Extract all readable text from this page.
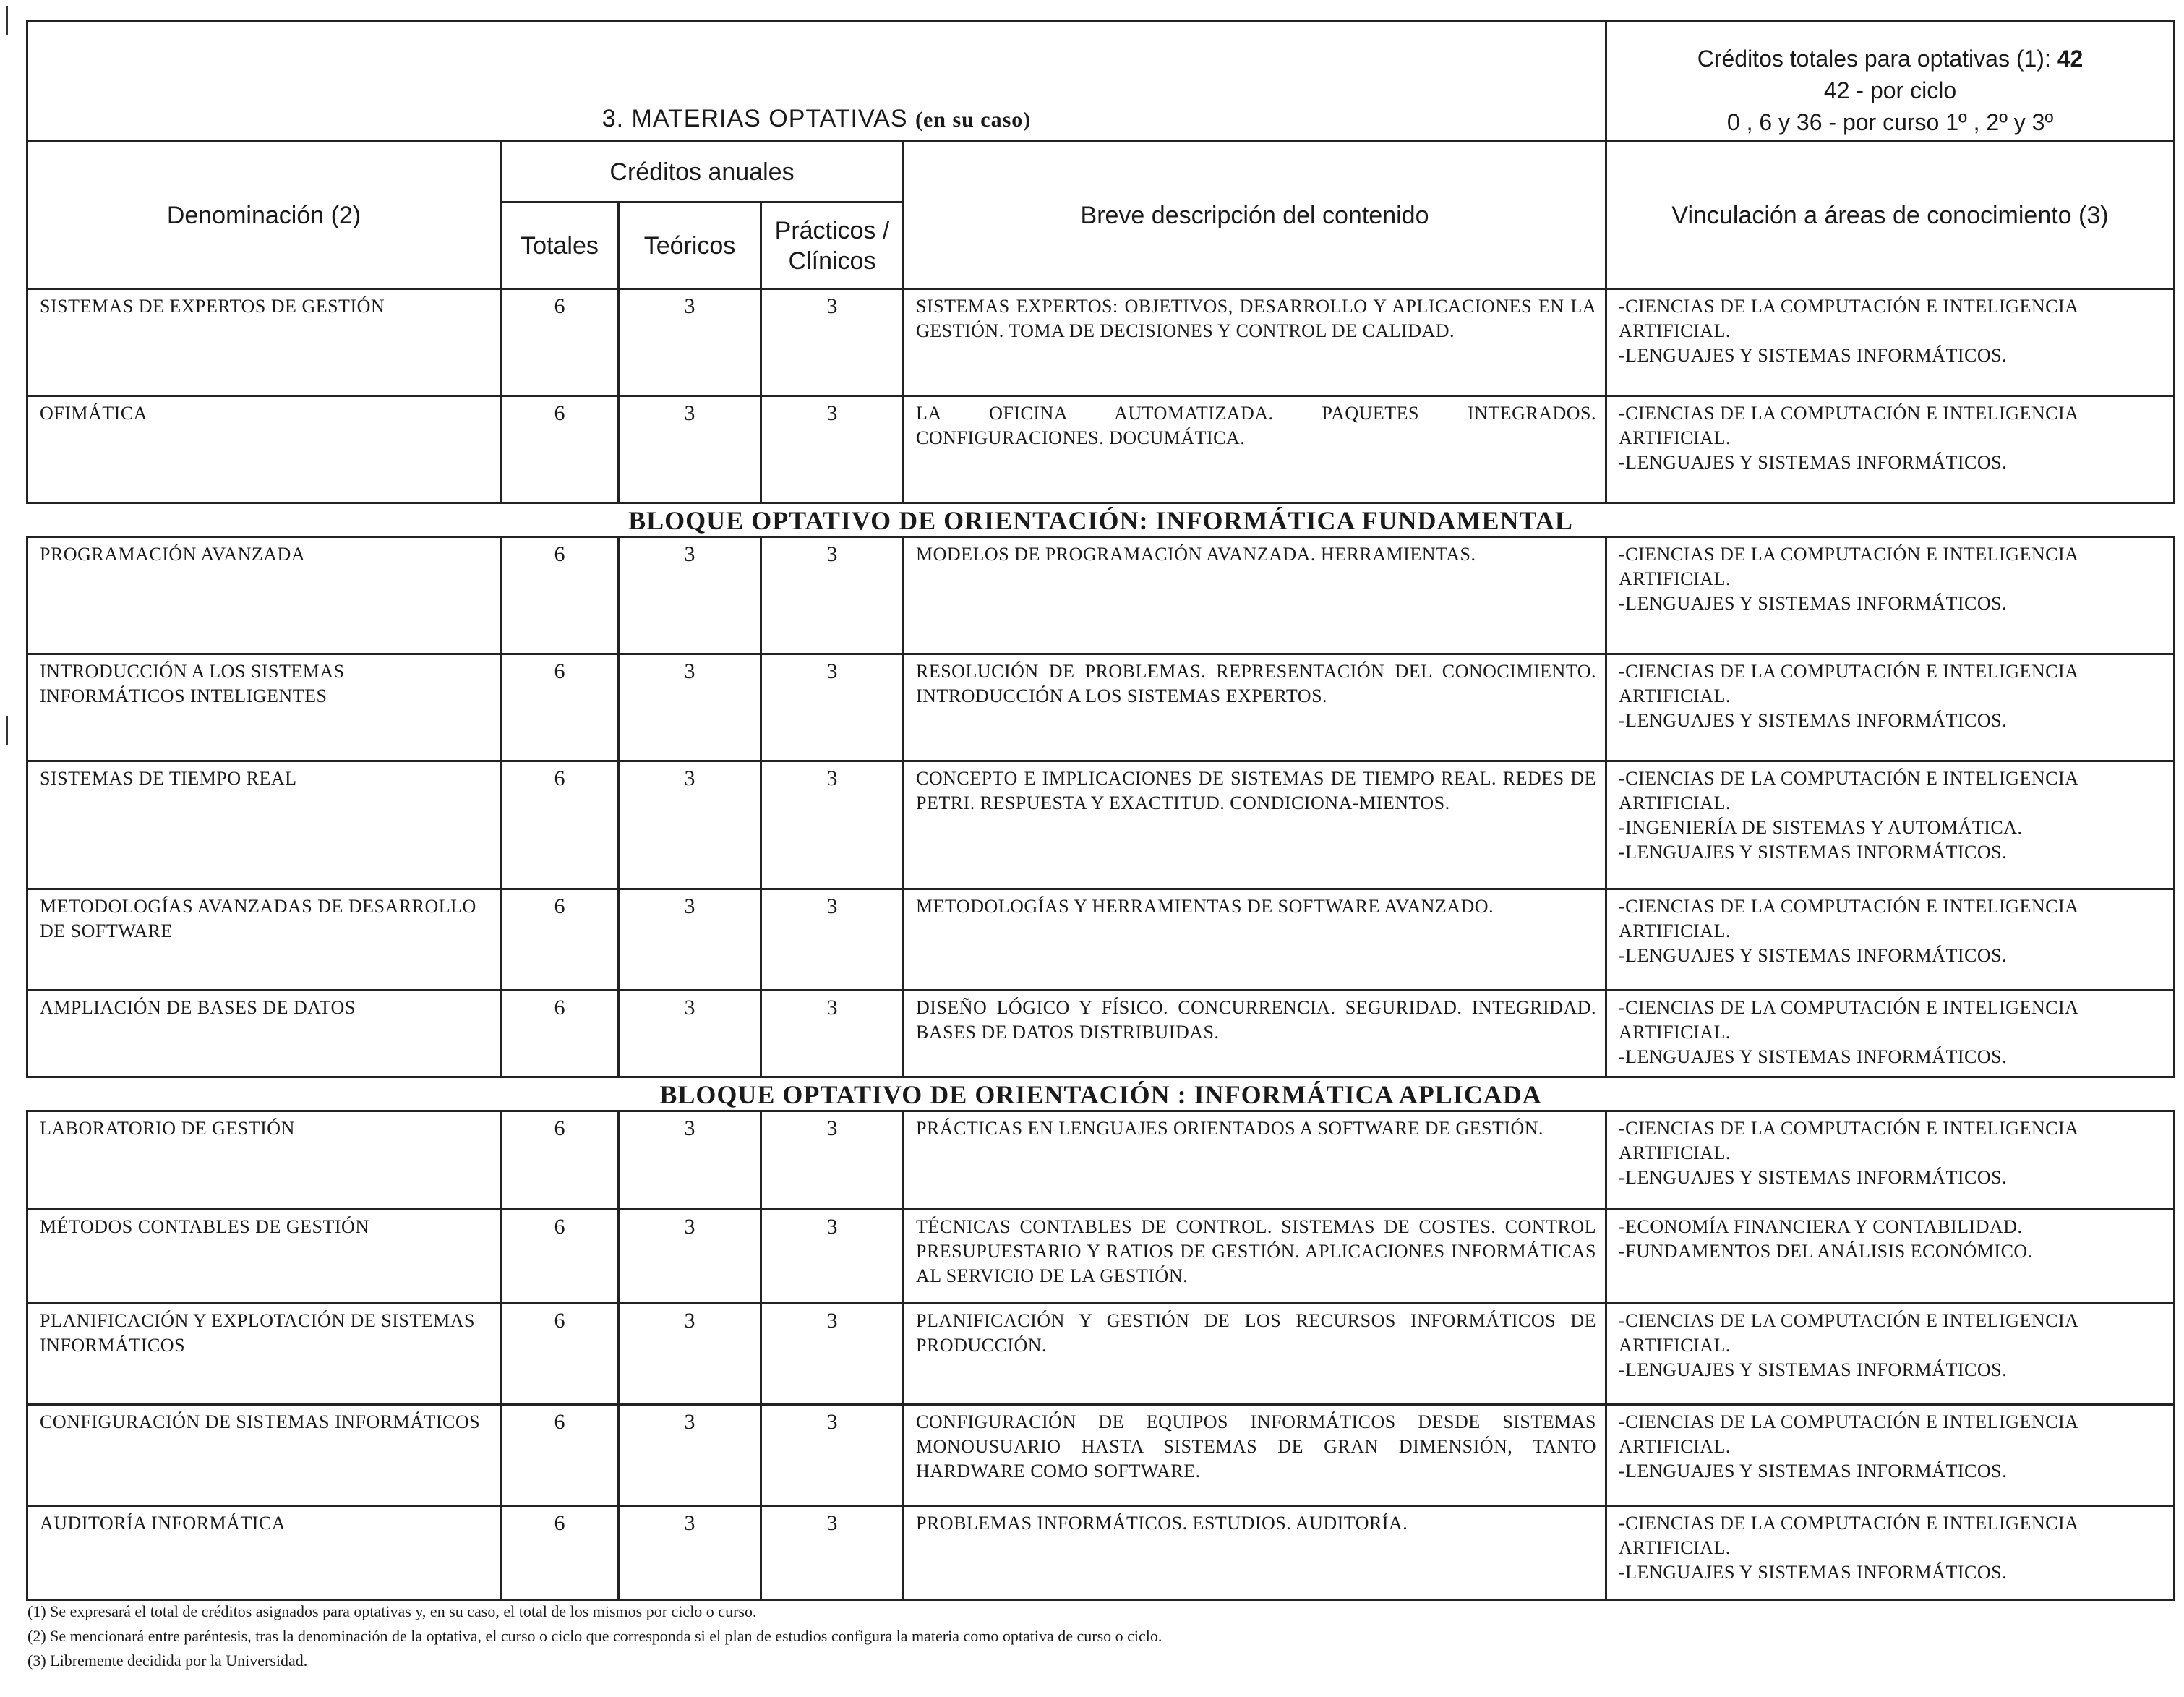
3. MATERIAS OPTATIVAS (en su caso)					Créditos totales para optativas (1): 42
42 - por ciclo
0 , 6 y 36 - por curso 1º , 2º y 3º

Denominación (2)	Créditos anuales			Breve descripción del contenido	Vinculación a áreas de conocimiento (3)
	Totales	Teóricos	Prácticos / Clínicos		
SISTEMAS DE EXPERTOS DE GESTIÓN	6	3	3	SISTEMAS EXPERTOS: OBJETIVOS, DESARROLLO Y APLICACIONES EN LA GESTIÓN. TOMA DE DECISIONES Y CONTROL DE CALIDAD.	-CIENCIAS DE LA COMPUTACIÓN E INTELIGENCIA ARTIFICIAL.
-LENGUAJES Y SISTEMAS INFORMÁTICOS.

OFIMÁTICA	6	3	3	LA OFICINA AUTOMATIZADA. PAQUETES INTEGRADOS. CONFIGURACIONES. DOCUMÁTICA.	-CIENCIAS DE LA COMPUTACIÓN E INTELIGENCIA ARTIFICIAL.
-LENGUAJES Y SISTEMAS INFORMÁTICOS.

BLOQUE OPTATIVO DE ORIENTACIÓN: INFORMÁTICA FUNDAMENTAL					
PROGRAMACIÓN AVANZADA	6	3	3	MODELOS DE PROGRAMACIÓN AVANZADA. HERRAMIENTAS.	-CIENCIAS DE LA COMPUTACIÓN E INTELIGENCIA ARTIFICIAL.
-LENGUAJES Y SISTEMAS INFORMÁTICOS.

INTRODUCCIÓN A LOS SISTEMAS INFORMÁTICOS INTELIGENTES	6	3	3	RESOLUCIÓN DE PROBLEMAS. REPRESENTACIÓN DEL CONOCIMIENTO. INTRODUCCIÓN A LOS SISTEMAS EXPERTOS.	-CIENCIAS DE LA COMPUTACIÓN E INTELIGENCIA ARTIFICIAL.
-LENGUAJES Y SISTEMAS INFORMÁTICOS.

SISTEMAS DE TIEMPO REAL	6	3	3	CONCEPTO E IMPLICACIONES DE SISTEMAS DE TIEMPO REAL. REDES DE PETRI. RESPUESTA Y EXACTITUD. CONDICIONA-MIENTOS.	-CIENCIAS DE LA COMPUTACIÓN E INTELIGENCIA ARTIFICIAL.
-INGENIERÍA DE SISTEMAS Y AUTOMÁTICA.
-LENGUAJES Y SISTEMAS INFORMÁTICOS.

METODOLOGÍAS AVANZADAS DE DESARROLLO DE SOFTWARE	6	3	3	METODOLOGÍAS Y HERRAMIENTAS DE SOFTWARE AVANZADO.	-CIENCIAS DE LA COMPUTACIÓN E INTELIGENCIA ARTIFICIAL.
-LENGUAJES Y SISTEMAS INFORMÁTICOS.

AMPLIACIÓN DE BASES DE DATOS	6	3	3	DISEÑO LÓGICO Y FÍSICO. CONCURRENCIA. SEGURIDAD. INTEGRIDAD. BASES DE DATOS DISTRIBUIDAS.	-CIENCIAS DE LA COMPUTACIÓN E INTELIGENCIA ARTIFICIAL.
-LENGUAJES Y SISTEMAS INFORMÁTICOS.

BLOQUE OPTATIVO DE ORIENTACIÓN : INFORMÁTICA APLICADA					
LABORATORIO DE GESTIÓN	6	3	3	PRÁCTICAS EN LENGUAJES ORIENTADOS A SOFTWARE DE GESTIÓN.	-CIENCIAS DE LA COMPUTACIÓN E INTELIGENCIA ARTIFICIAL.
-LENGUAJES Y SISTEMAS INFORMÁTICOS.

MÉTODOS CONTABLES DE GESTIÓN	6	3	3	TÉCNICAS CONTABLES DE CONTROL. SISTEMAS DE COSTES. CONTROL PRESUPUESTARIO Y RATIOS DE GESTIÓN. APLICACIONES INFORMÁTICAS AL SERVICIO DE LA GESTIÓN.	-ECONOMÍA FINANCIERA Y CONTABILIDAD.
-FUNDAMENTOS DEL ANÁLISIS ECONÓMICO.

PLANIFICACIÓN Y EXPLOTACIÓN DE SISTEMAS INFORMÁTICOS	6	3	3	PLANIFICACIÓN Y GESTIÓN DE LOS RECURSOS INFORMÁTICOS DE PRODUCCIÓN.	-CIENCIAS DE LA COMPUTACIÓN E INTELIGENCIA ARTIFICIAL.
-LENGUAJES Y SISTEMAS INFORMÁTICOS.

CONFIGURACIÓN DE SISTEMAS INFORMÁTICOS	6	3	3	CONFIGURACIÓN DE EQUIPOS INFORMÁTICOS DESDE SISTEMAS MONOUSUARIO HASTA SISTEMAS DE GRAN DIMENSIÓN, TANTO HARDWARE COMO SOFTWARE.	-CIENCIAS DE LA COMPUTACIÓN E INTELIGENCIA ARTIFICIAL.
-LENGUAJES Y SISTEMAS INFORMÁTICOS.

AUDITORÍA INFORMÁTICA	6	3	3	PROBLEMAS INFORMÁTICOS. ESTUDIOS. AUDITORÍA.	-CIENCIAS DE LA COMPUTACIÓN E INTELIGENCIA ARTIFICIAL.
-LENGUAJES Y SISTEMAS INFORMÁTICOS.
(1) Se expresará el total de créditos asignados para optativas y, en su caso, el total de los mismos por ciclo o curso.
(2) Se mencionará entre paréntesis, tras la denominación de la optativa, el curso o ciclo que corresponda si el plan de estudios configura la materia como optativa de curso o ciclo.
(3) Libremente decidida por la Universidad.
